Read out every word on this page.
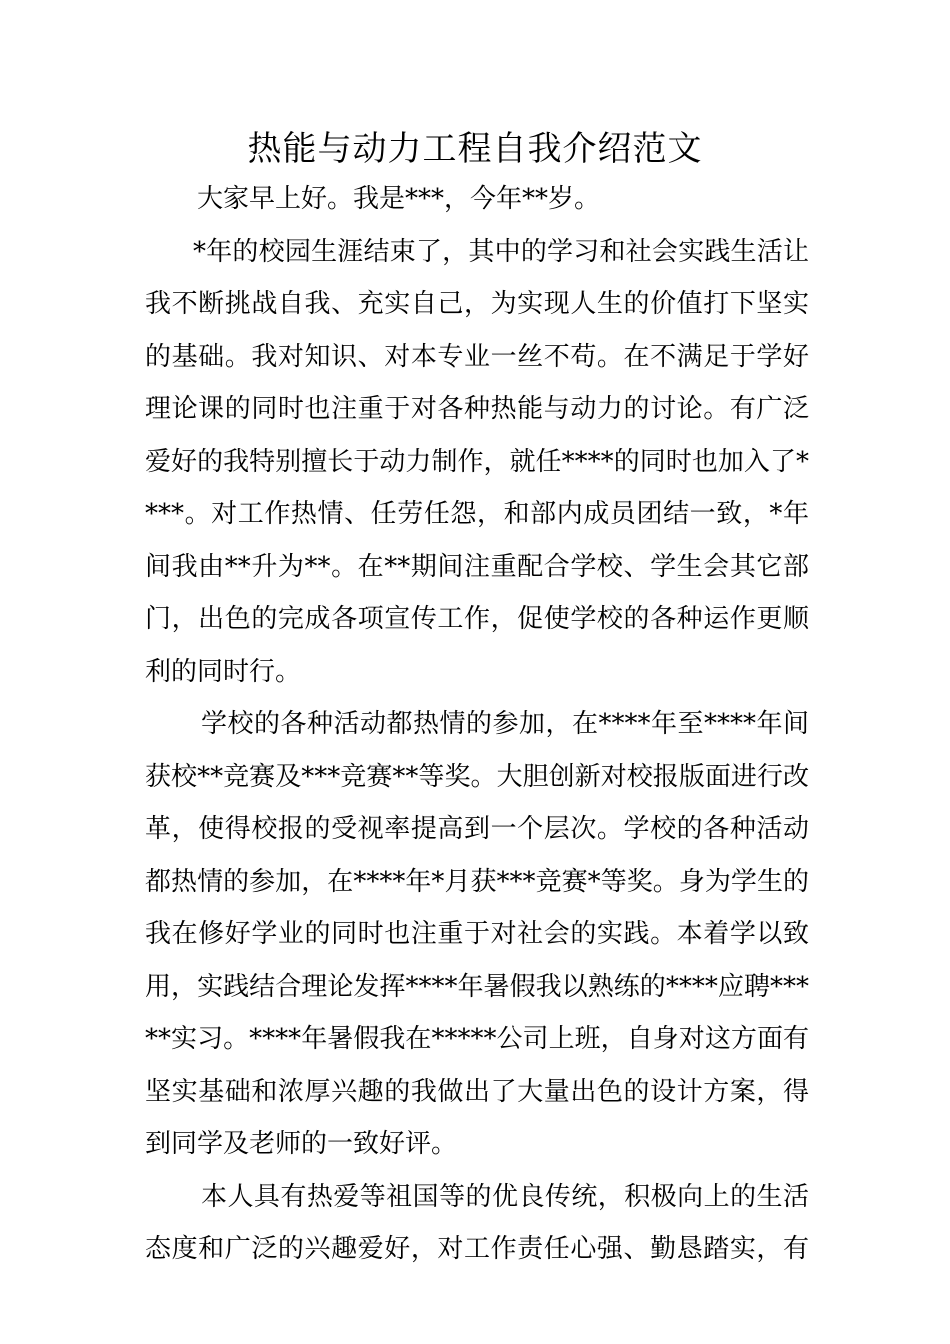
热能与动力工程自我介绍范文
大家早上好。我是***，今年**岁。
*年的校园生涯结束了，其中的学习和社会实践生活让
我不断挑战自我、充实自己，为实现人生的价值打下坚实
的基础。我对知识、对本专业一丝不苟。在不满足于学好
理论课的同时也注重于对各种热能与动力的讨论。有广泛
爱好的我特别擅长于动力制作，就任****的同时也加入了*
***。对工作热情、任劳任怨，和部内成员团结一致，*年
间我由**升为**。在**期间注重配合学校、学生会其它部
门，出色的完成各项宣传工作，促使学校的各种运作更顺
利的同时行。
学校的各种活动都热情的参加，在****年至****年间
获校**竞赛及***竞赛**等奖。大胆创新对校报版面进行改
革，使得校报的受视率提高到一个层次。学校的各种活动
都热情的参加，在****年*月获***竞赛*等奖。身为学生的
我在修好学业的同时也注重于对社会的实践。本着学以致
用，实践结合理论发挥****年暑假我以熟练的****应聘***
**实习。****年暑假我在*****公司上班，自身对这方面有
坚实基础和浓厚兴趣的我做出了大量出色的设计方案，得
到同学及老师的一致好评。
本人具有热爱等祖国等的优良传统，积极向上的生活
态度和广泛的兴趣爱好，对工作责任心强、勤恳踏实，有
